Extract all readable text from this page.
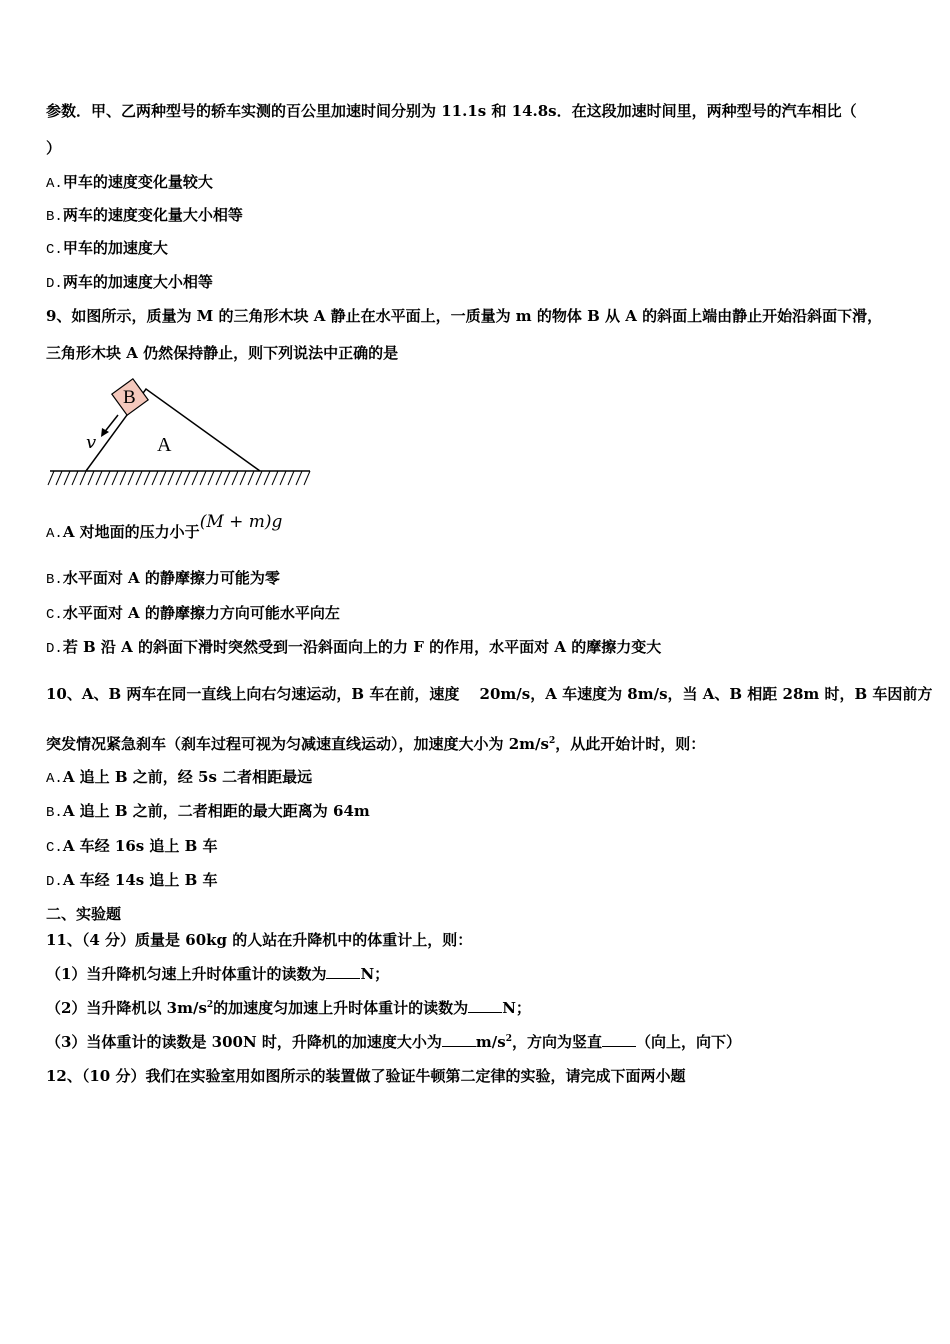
参数．甲、乙两种型号的轿车实测的百公里加速时间分别为 11.1s 和 14.8s．在这段加速时间里，两种型号的汽车相比（
）
A.甲车的速度变化量较大
B.两车的速度变化量大小相等
C.甲车的加速度大
D.两车的加速度大小相等
9、如图所示，质量为 M 的三角形木块 A 静止在水平面上，一质量为 m 的物体 B 从 A 的斜面上端由静止开始沿斜面下滑，
三角形木块 A 仍然保持静止，则下列说法中正确的是
A
B
v
A.A 对地面的压力小于(M + m)g
B.水平面对 A 的静摩擦力可能为零
C.水平面对 A 的静摩擦力方向可能水平向左
D.若 B 沿 A 的斜面下滑时突然受到一沿斜面向上的力 F 的作用，水平面对 A 的摩擦力变大
10、A、B 两车在同一直线上向右匀速运动，B 车在前，速度　 20m/s，A 车速度为 8m/s，当 A、B 相距 28m 时，B 车因前方
突发情况紧急刹车（刹车过程可视为匀减速直线运动），加速度大小为 $2m/s^2$，从此开始计时，则：
A.A 追上 B 之前，经 5s 二者相距最远
B.A 追上 B 之前，二者相距的最大距离为 64m
C.A 车经 16s 追上 B 车
D.A 车经 14s 追上 B 车
二、实验题
11、（4 分）质量是 60kg 的人站在升降机中的体重计上，则：
（1）当升降机匀速上升时体重计的读数为 N；
（2）当升降机以 $3m/s^2$的加速度匀加速上升时体重计的读数为 N；
（3）当体重计的读数是 300N 时，升降机的加速度大小为 $m/s^2$，方向为竖直 （向上，向下）
12、（10 分）我们在实验室用如图所示的装置做了验证牛顿第二定律的实验，请完成下面两小题
